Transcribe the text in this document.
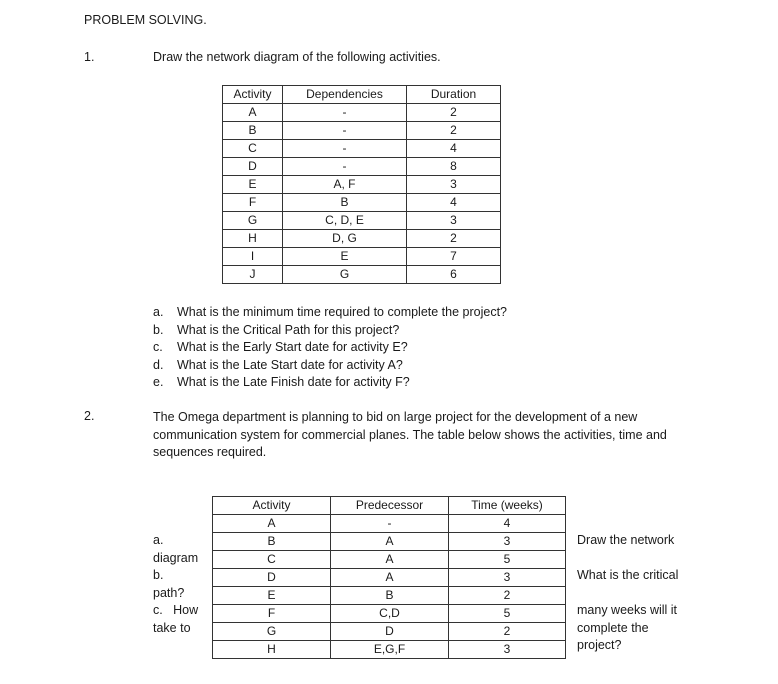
PROBLEM SOLVING.
1.	Draw the network diagram of the following activities.
Activity	Dependencies	Duration
A	-	2
B	-	2
C	-	4
D	-	8
E	A, F	3
F	B	4
G	C, D, E	3
H	D, G	2
I	E	7
J	G	6
a.	What is the minimum time required to complete the project?
b.	What is the Critical Path for this project?
c.	What is the Early Start date for activity E?
d.	What is the Late Start date for activity A?
e.	What is the Late Finish date for activity F?
2.	The Omega department is planning to bid on large project for the development of a new communication system for commercial planes. The table below shows the activities, time and sequences required.
Activity	Predecessor	Time (weeks)
A	-	4
B	A	3
C	A	5
D	A	3
E	B	2
F	C,D	5
G	D	2
H	E,G,F	3
a.
diagram
b.
path?
c.   How
take to
Draw the network
What is the critical
many weeks will it
complete the
project?
